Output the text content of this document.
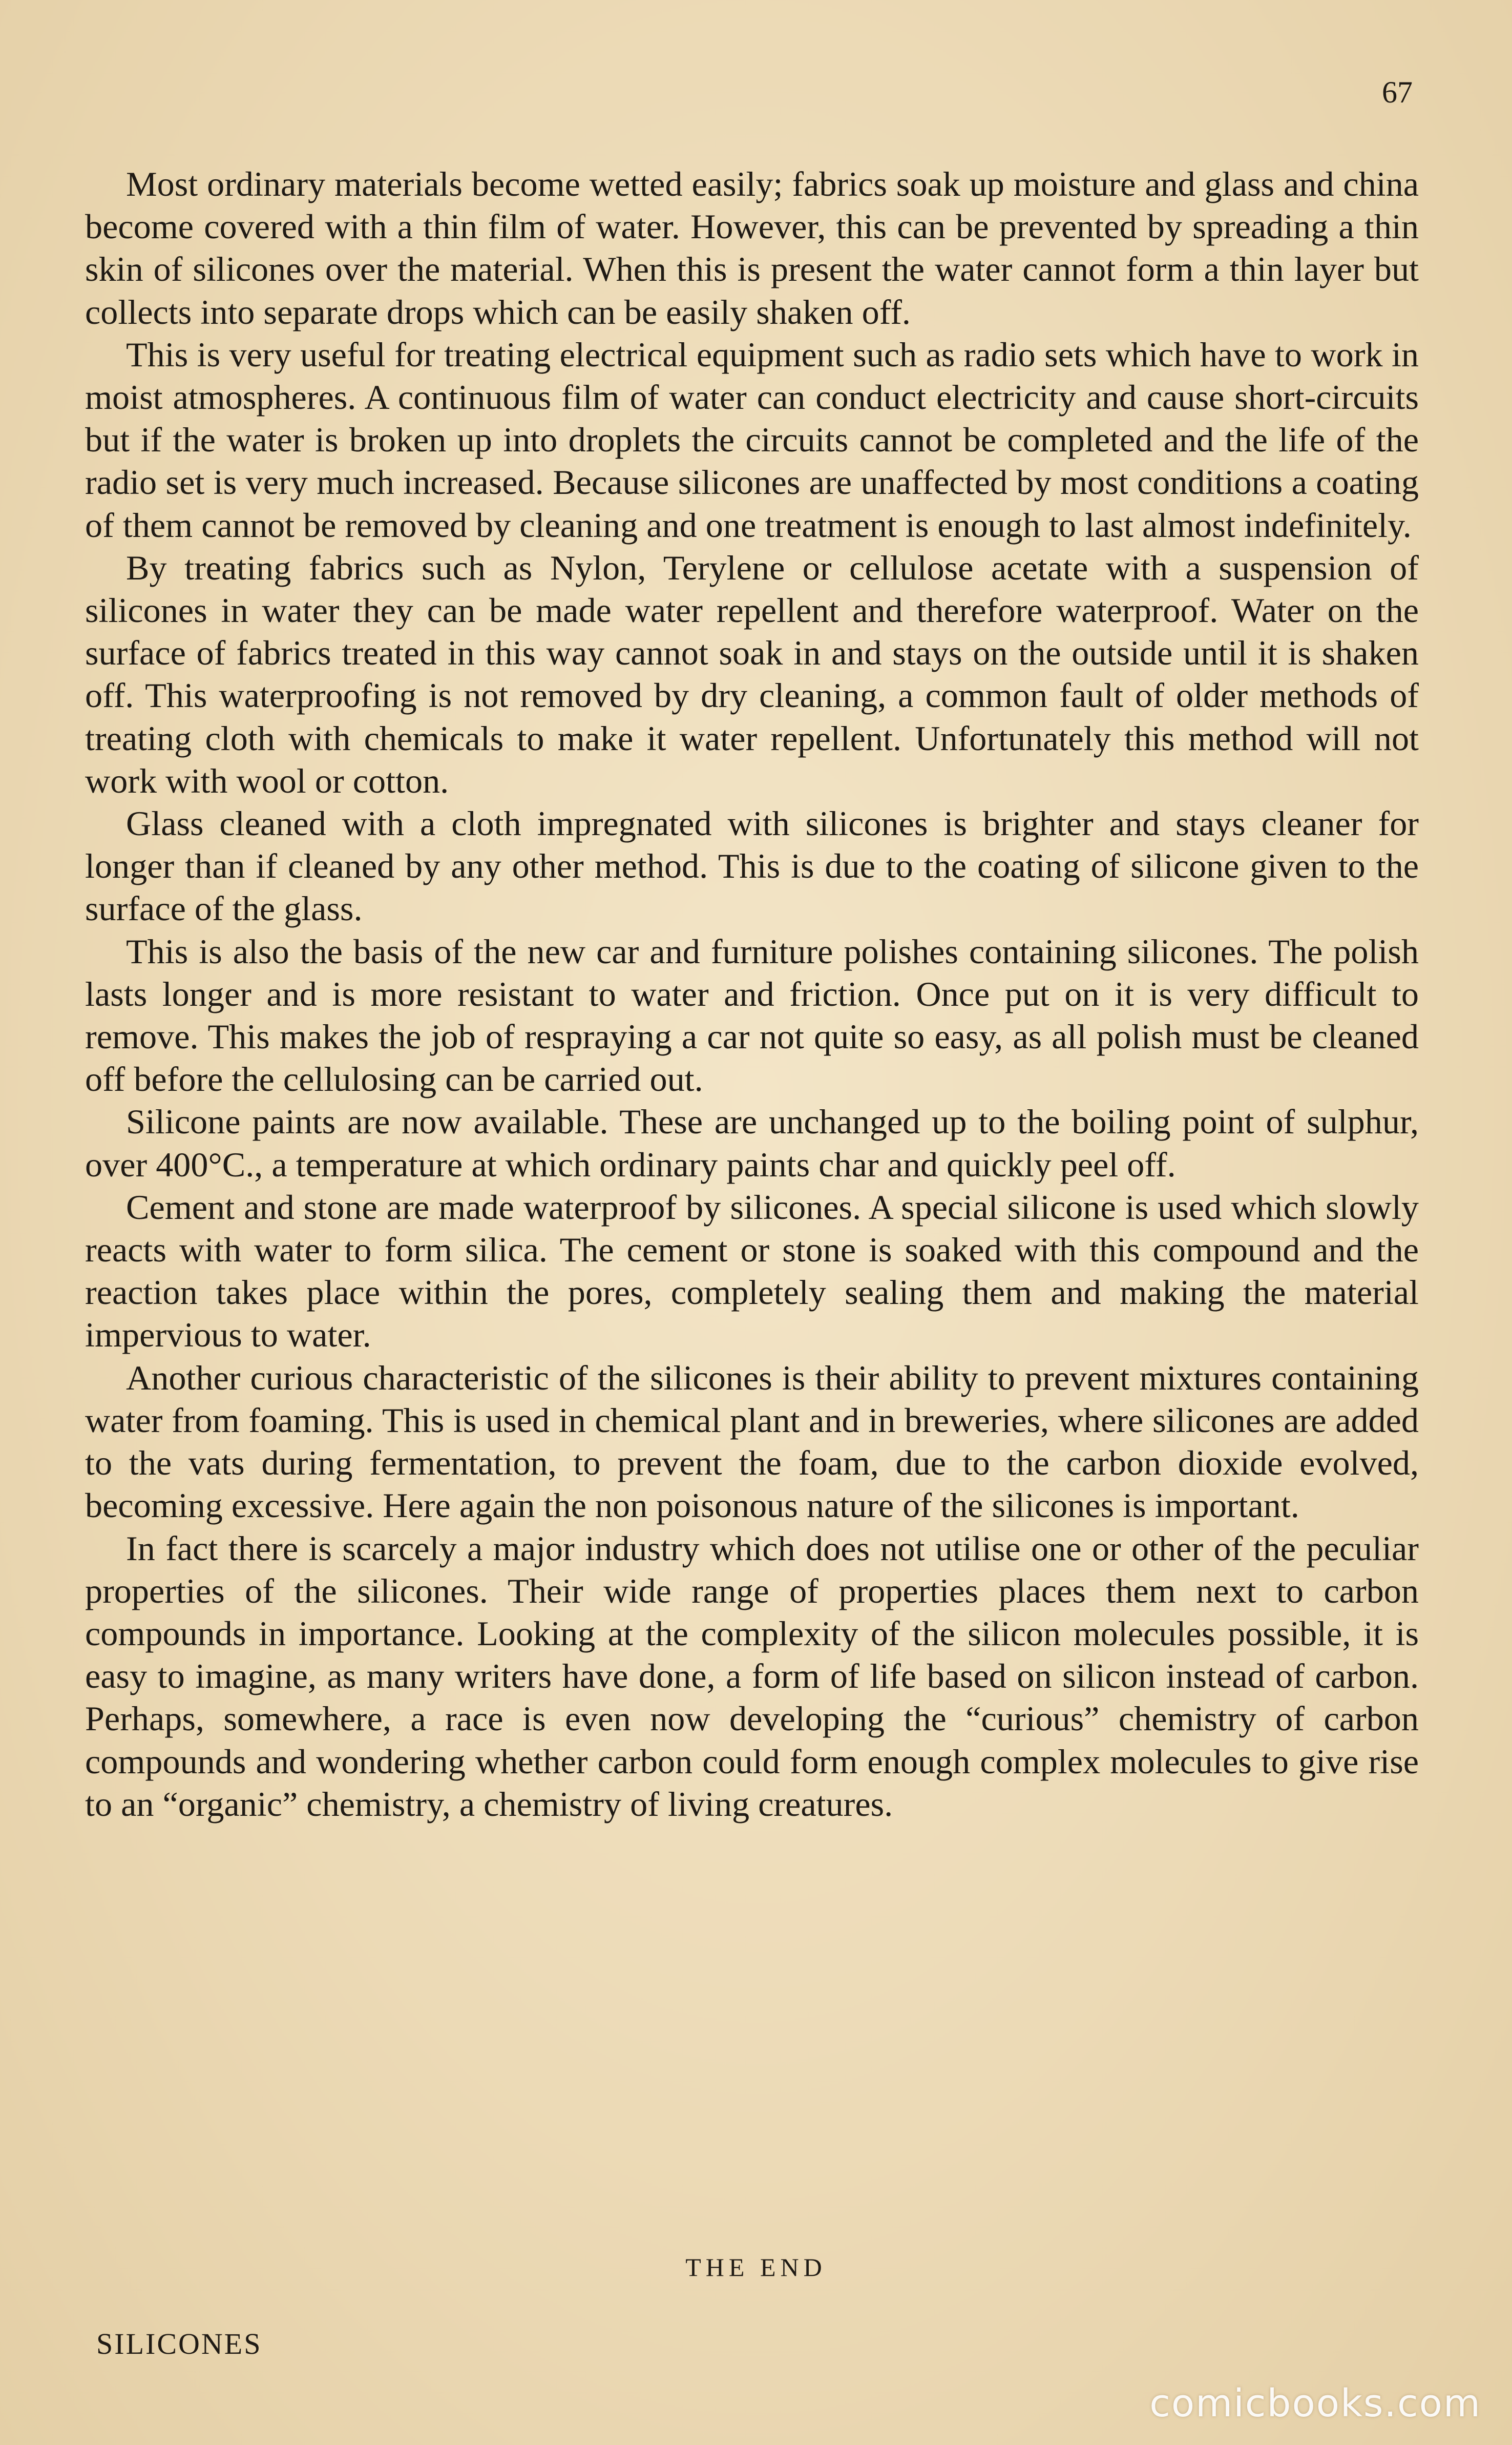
67

Most ordinary materials become wetted easily; fabrics soak up moisture and glass and china become covered with a thin film of water. However, this can be prevented by spreading a thin skin of silicones over the material. When this is present the water cannot form a thin layer but collects into separate drops which can be easily shaken off.

This is very useful for treating electrical equipment such as radio sets which have to work in moist atmospheres. A continuous film of water can conduct electricity and cause short-circuits but if the water is broken up into droplets the circuits cannot be completed and the life of the radio set is very much increased. Because silicones are unaffected by most conditions a coating of them cannot be removed by cleaning and one treatment is enough to last almost indefinitely.

By treating fabrics such as Nylon, Terylene or cellulose acetate with a suspension of silicones in water they can be made water repellent and therefore waterproof. Water on the surface of fabrics treated in this way cannot soak in and stays on the outside until it is shaken off. This waterproofing is not removed by dry cleaning, a common fault of older methods of treating cloth with chemicals to make it water repellent. Unfortunately this method will not work with wool or cotton.

Glass cleaned with a cloth impregnated with silicones is brighter and stays cleaner for longer than if cleaned by any other method. This is due to the coating of silicone given to the surface of the glass.

This is also the basis of the new car and furniture polishes containing silicones. The polish lasts longer and is more resistant to water and friction. Once put on it is very difficult to remove. This makes the job of respraying a car not quite so easy, as all polish must be cleaned off before the cellulosing can be carried out.

Silicone paints are now available. These are unchanged up to the boiling point of sulphur, over 400°C., a temperature at which ordinary paints char and quickly peel off.

Cement and stone are made waterproof by silicones. A special silicone is used which slowly reacts with water to form silica. The cement or stone is soaked with this compound and the reaction takes place within the pores, completely sealing them and making the material impervious to water.

Another curious characteristic of the silicones is their ability to prevent mixtures containing water from foaming. This is used in chemical plant and in breweries, where silicones are added to the vats during fermentation, to prevent the foam, due to the carbon dioxide evolved, becoming excessive. Here again the non poisonous nature of the silicones is important.

In fact there is scarcely a major industry which does not utilise one or other of the peculiar properties of the silicones. Their wide range of properties places them next to carbon compounds in importance. Looking at the complexity of the silicon molecules possible, it is easy to imagine, as many writers have done, a form of life based on silicon instead of carbon. Perhaps, somewhere, a race is even now developing the “curious” chemistry of carbon compounds and wondering whether carbon could form enough complex molecules to give rise to an “organic” chemistry, a chemistry of living creatures.

THE END
SILICONES
comicbooks.com
